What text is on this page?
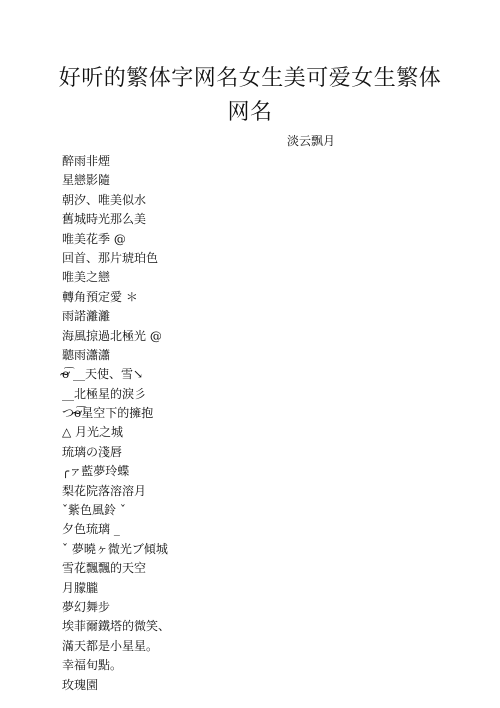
好听的繁体字网名女生美可爱女生繁体网名
淡云飘月
醉雨非煙
星戀影隨
朝汐、唯美似水
舊城時光那么美
唯美花季 @
回首、那片琥珀色
唯美之戀
轉角預定愛 ＊
雨諾灕灕
海風掠過北極光 @
聽雨瀟瀟
ơ̴̴͡ __天使、雪↘
__北極星的淚彡
つơ̴̴͡星空下的擁抱
△ 月光之城
琉璃の淺唇
╭ァ藍夢玲蝶
梨花院落溶溶月
ˇ紫色風鈴 ˇ
夕色琉璃 _
ˇ 夢曉ヶ微光ブ傾城
雪花飄飄的天空
月朦朧
夢幻舞步
埃菲爾鐵塔的微笑、
滿天都是小星星。
幸福旬點。
玫瑰園
